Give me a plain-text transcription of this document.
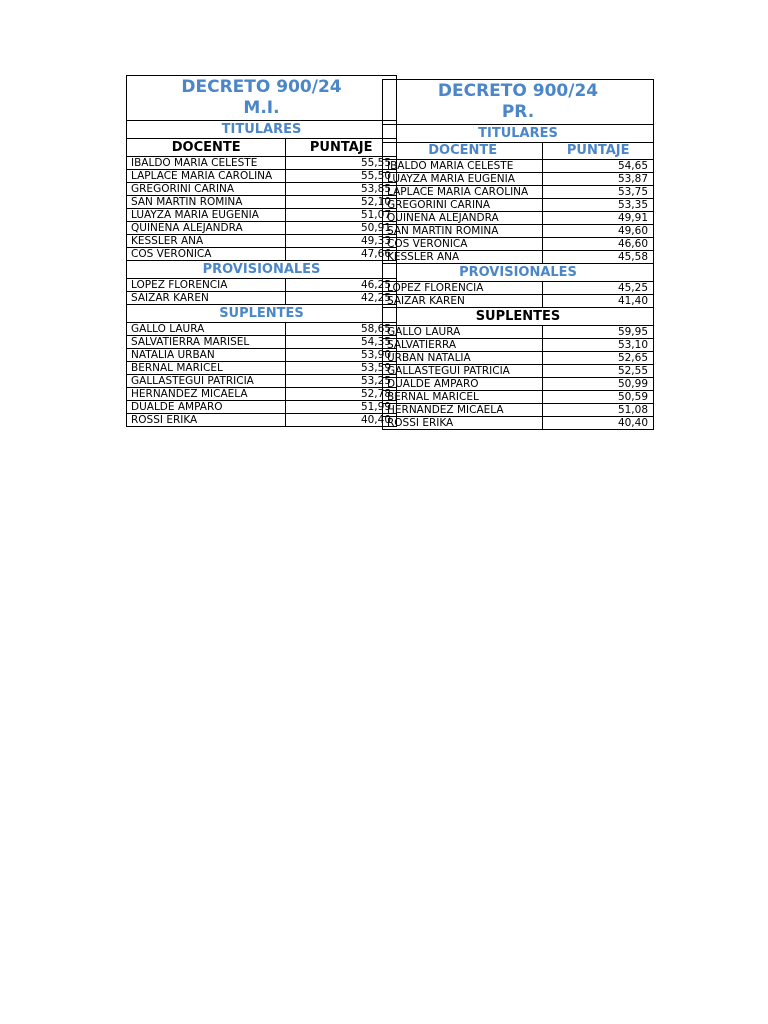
DECRETO 900/24
M.I.
TITULARES
DOCENTE	PUNTAJE
IBALDO MARIA CELESTE	55,55
LAPLACE MARIA CAROLINA	55,50
GREGORINI CARINA	53,85
SAN MARTIN ROMINA	52,10
LUAYZA MARIA EUGENIA	51,07
QUIÑENA ALEJANDRA	50,91
KESSLER ANA	49,33
COS VERONICA	47,66
PROVISIONALES
LOPEZ FLORENCIA	46,25
SAIZAR KAREN	42,25
SUPLENTES
GALLO LAURA	58,65
SALVATIERRA MARISEL	54,35
NATALIA URBAN	53,90
BERNAL MARICEL	53,59
GALLASTEGUI PATRICIA	53,25
HERNANDEZ MICAELA	52,78
DUALDE AMPARO	51,99
ROSSI ERIKA	40,40
DECRETO 900/24
PR.
TITULARES
DOCENTE	PUNTAJE
IBALDO MARIA CELESTE	54,65
LUAYZA MARIA EUGENIA	53,87
LAPLACE MARIA CAROLINA	53,75
GREGORINI CARINA	53,35
QUIÑENA ALEJANDRA	49,91
SAN MARTIN ROMINA	49,60
COS VERONICA	46,60
KESSLER ANA	45,58
PROVISIONALES
LOPEZ FLORENCIA	45,25
SAIZAR KAREN	41,40
SUPLENTES
GALLO LAURA	59,95
SALVATIERRA	53,10
URBAN NATALIA	52,65
GALLASTEGUI PATRICIA	52,55
DUALDE AMPARO	50,99
BERNAL MARICEL	50,59
HERNANDEZ MICAELA	51,08
ROSSI ERIKA	40,40
